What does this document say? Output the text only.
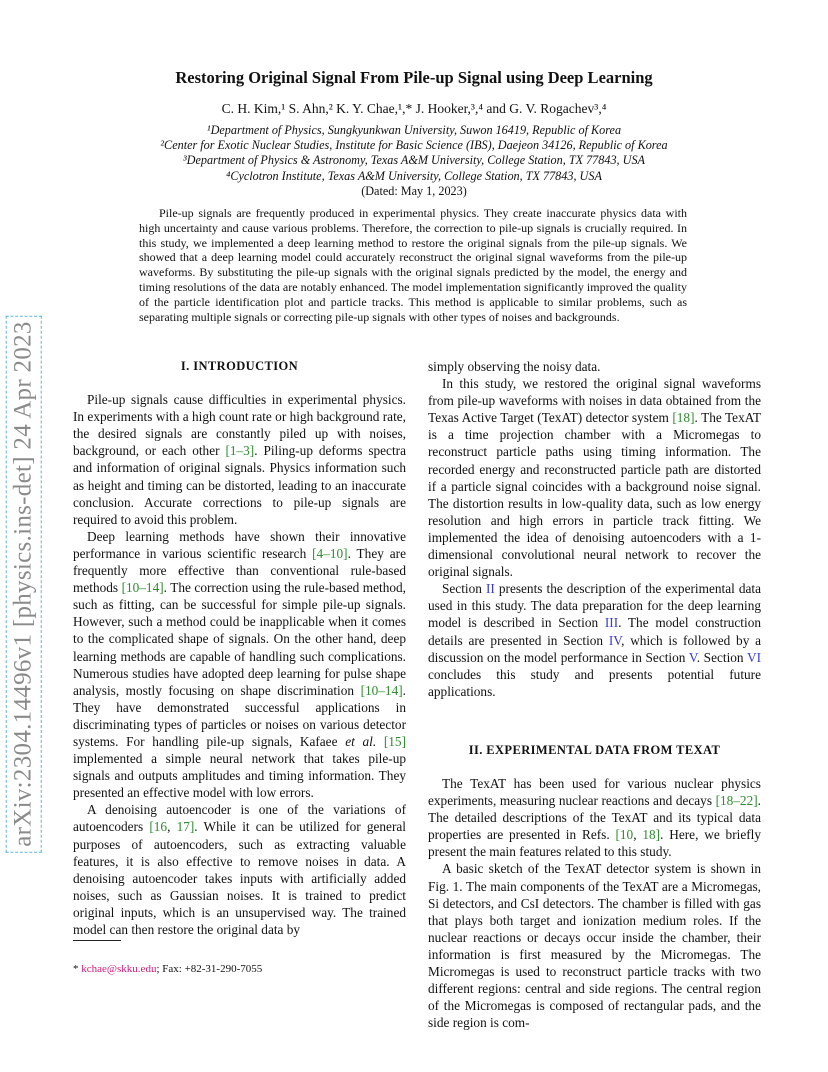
arXiv:2304.14496v1 [physics.ins-det] 24 Apr 2023
Restoring Original Signal From Pile-up Signal using Deep Learning
C. H. Kim,¹ S. Ahn,² K. Y. Chae,¹,* J. Hooker,³,⁴ and G. V. Rogachev³,⁴
¹Department of Physics, Sungkyunkwan University, Suwon 16419, Republic of Korea
²Center for Exotic Nuclear Studies, Institute for Basic Science (IBS), Daejeon 34126, Republic of Korea
³Department of Physics & Astronomy, Texas A&M University, College Station, TX 77843, USA
⁴Cyclotron Institute, Texas A&M University, College Station, TX 77843, USA
(Dated: May 1, 2023)

Pile-up signals are frequently produced in experimental physics. They create inaccurate physics data with high uncertainty and cause various problems. Therefore, the correction to pile-up signals is crucially required. In this study, we implemented a deep learning method to restore the original signals from the pile-up signals. We showed that a deep learning model could accurately reconstruct the original signal waveforms from the pile-up waveforms. By substituting the pile-up signals with the original signals predicted by the model, the energy and timing resolutions of the data are notably enhanced. The model implementation significantly improved the quality of the particle identification plot and particle tracks. This method is applicable to similar problems, such as separating multiple signals or correcting pile-up signals with other types of noises and backgrounds.

I. INTRODUCTION

Pile-up signals cause difficulties in experimental physics. In experiments with a high count rate or high background rate, the desired signals are constantly piled up with noises, background, or each other [1–3]. Piling-up deforms spectra and information of original signals. Physics information such as height and timing can be distorted, leading to an inaccurate conclusion. Accurate corrections to pile-up signals are required to avoid this problem.

Deep learning methods have shown their innovative performance in various scientific research [4–10]. They are frequently more effective than conventional rule-based methods [10–14]. The correction using the rule-based method, such as fitting, can be successful for simple pile-up signals. However, such a method could be inapplicable when it comes to the complicated shape of signals. On the other hand, deep learning methods are capable of handling such complications. Numerous studies have adopted deep learning for pulse shape analysis, mostly focusing on shape discrimination [10–14]. They have demonstrated successful applications in discriminating types of particles or noises on various detector systems. For handling pile-up signals, Kafaee et al. [15] implemented a simple neural network that takes pile-up signals and outputs amplitudes and timing information. They presented an effective model with low errors.

A denoising autoencoder is one of the variations of autoencoders [16, 17]. While it can be utilized for general purposes of autoencoders, such as extracting valuable features, it is also effective to remove noises in data. A denoising autoencoder takes inputs with artificially added noises, such as Gaussian noises. It is trained to predict original inputs, which is an unsupervised way. The trained model can then restore the original data by

simply observing the noisy data.

In this study, we restored the original signal waveforms from pile-up waveforms with noises in data obtained from the Texas Active Target (TexAT) detector system [18]. The TexAT is a time projection chamber with a Micromegas to reconstruct particle paths using timing information. The recorded energy and reconstructed particle path are distorted if a particle signal coincides with a background noise signal. The distortion results in low-quality data, such as low energy resolution and high errors in particle track fitting. We implemented the idea of denoising autoencoders with a 1-dimensional convolutional neural network to recover the original signals.

Section II presents the description of the experimental data used in this study. The data preparation for the deep learning model is described in Section III. The model construction details are presented in Section IV, which is followed by a discussion on the model performance in Section V. Section VI concludes this study and presents potential future applications.

II. EXPERIMENTAL DATA FROM TEXAT

The TexAT has been used for various nuclear physics experiments, measuring nuclear reactions and decays [18–22]. The detailed descriptions of the TexAT and its typical data properties are presented in Refs. [10, 18]. Here, we briefly present the main features related to this study.

A basic sketch of the TexAT detector system is shown in Fig. 1. The main components of the TexAT are a Micromegas, Si detectors, and CsI detectors. The chamber is filled with gas that plays both target and ionization medium roles. If the nuclear reactions or decays occur inside the chamber, their information is first measured by the Micromegas. The Micromegas is used to reconstruct particle tracks with two different regions: central and side regions. The central region of the Micromegas is composed of rectangular pads, and the side region is com-

* kchae@skku.edu; Fax: +82-31-290-7055
